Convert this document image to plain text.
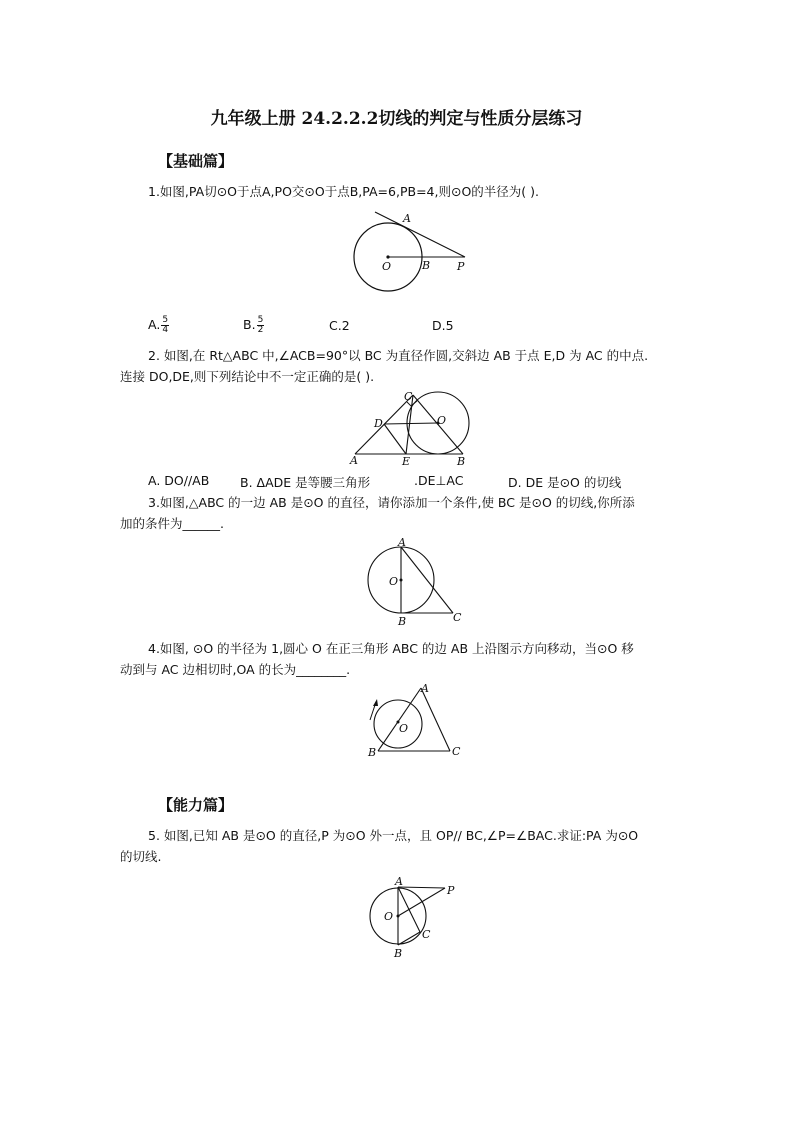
九年级上册 24.2.2.2切线的判定与性质分层练习
【基础篇】
1.如图,PA切⊙O于点A,PO交⊙O于点B,PA=6,PB=4,则⊙O的半径为( ).
A
O	B P
A. $\frac{5}{4}$	B. $\frac{5}{2}$	C.2	D.5
2. 如图,在 Rt△ABC 中,∠ACB=90°以 BC 为直径作圆,交斜边 AB 于点 E,D 为 AC 的中点.
连接 DO,DE,则下列结论中不一定正确的是( ).
C
D	O
A	E	B
A. DO//AB B. ΔADE 是等腰三角形	.DE⊥AC	D. DE 是⊙O 的切线
3.如图,△ABC 的一边 AB 是⊙O 的直径，请你添加一个条件,使 BC 是⊙O 的切线,你所添
加的条件为______.
A
O
B	C
4.如图, ⊙O 的半径为 1,圆心 O 在正三角形 ABC 的边 AB 上沿图示方向移动，当⊙O 移
动到与 AC 边相切时,OA 的长为________.
A
O
B	C
【能力篇】
5. 如图,已知 AB 是⊙O 的直径,P 为⊙O 外一点，且 OP// BC,∠P=∠BAC.求证:PA 为⊙O
的切线.
A
P
O
C
B
